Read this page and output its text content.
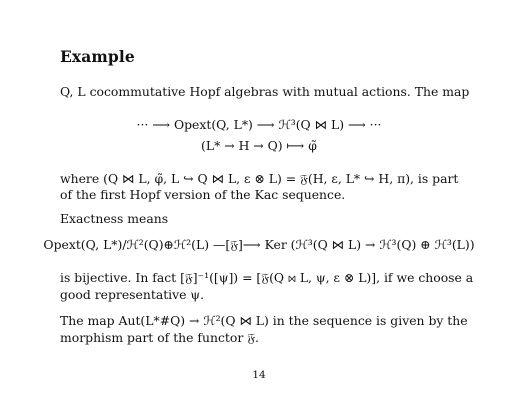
Example
Q, L cocommutative Hopf algebras with mutual actions. The map
··· ⟶ Opext(Q, L*) ⟶ ℋ³(Q ⋈ L) ⟶ ···
(L* → H → Q) ⟼ φ̃
where (Q ⋈ L, φ̃, L ↪ Q ⋈ L, ε ⊗ L) = 𝔉(H, ε, L* ↪ H, π), is part
of the first Hopf version of the Kac sequence.
Exactness means
Opext(Q, L*)/ℋ²(Q)⊕ℋ²(L) —[𝔉]⟶ Ker (ℋ³(Q ⋈ L) → ℋ³(Q) ⊕ ℋ³(L))
is bijective. In fact [𝔉]⁻¹([ψ]) = [𝔉(Q ⋈ L, ψ, ε ⊗ L)], if we choose a
good representative ψ.
The map Aut(L*#Q) → ℋ²(Q ⋈ L) in the sequence is given by the
morphism part of the functor 𝔉.
14
